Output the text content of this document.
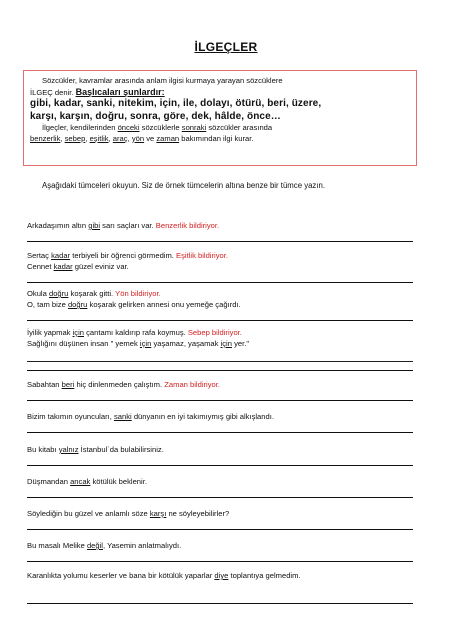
İLGEÇLER

Sözcükler, kavramlar arasında anlam ilgisi kurmaya yarayan sözcüklere

İLGEÇ denir. Başlıcaları şunlardır:

gibi, kadar, sanki, nitekim, için, ile, dolayı, ötürü, beri, üzere,

karşı, karşın, doğru, sonra, göre, dek, hâlde, önce…

İlgeçler, kendilerinden önceki sözcüklerle sonraki sözcükler arasında

benzerlik, sebep, eşitlik, araç, yön ve zaman bakımından ilgi kurar.

Aşağıdaki tümceleri okuyun. Siz de örnek tümcelerin altına benze bir tümce yazın.

Arkadaşımın altın gibi sarı saçları var. Benzerlik bildiriyor.

Sertaç kadar terbiyeli bir öğrenci görmedim. Eşitlik bildiriyor.

Cennet kadar güzel eviniz var.

Okula doğru koşarak gitti. Yön bildiriyor.

O, tam bize doğru koşarak gelirken annesi onu yemeğe çağırdı.

İyilik yapmak için çantamı kaldırıp rafa koymuş. Sebep bildiriyor.

Sağlığını düşünen insan " yemek için yaşamaz, yaşamak için yer."

Sabahtan beri hiç dinlenmeden çalıştım. Zaman bildiriyor.

Bizim takımın oyuncuları, sanki dünyanın en iyi takımıymış gibi alkışlandı.

Bu kitabı yalnız İstanbul`da bulabilirsiniz.

Düşmandan ancak kötülük beklenir.

Söylediğin bu güzel ve anlamlı söze karşı ne söyleyebilirler?

Bu masalı Melike değil, Yasemin anlatmalıydı.

Karanlıkta yolumu keserler ve bana bir kötülük yaparlar diye toplantıya gelmedim.
